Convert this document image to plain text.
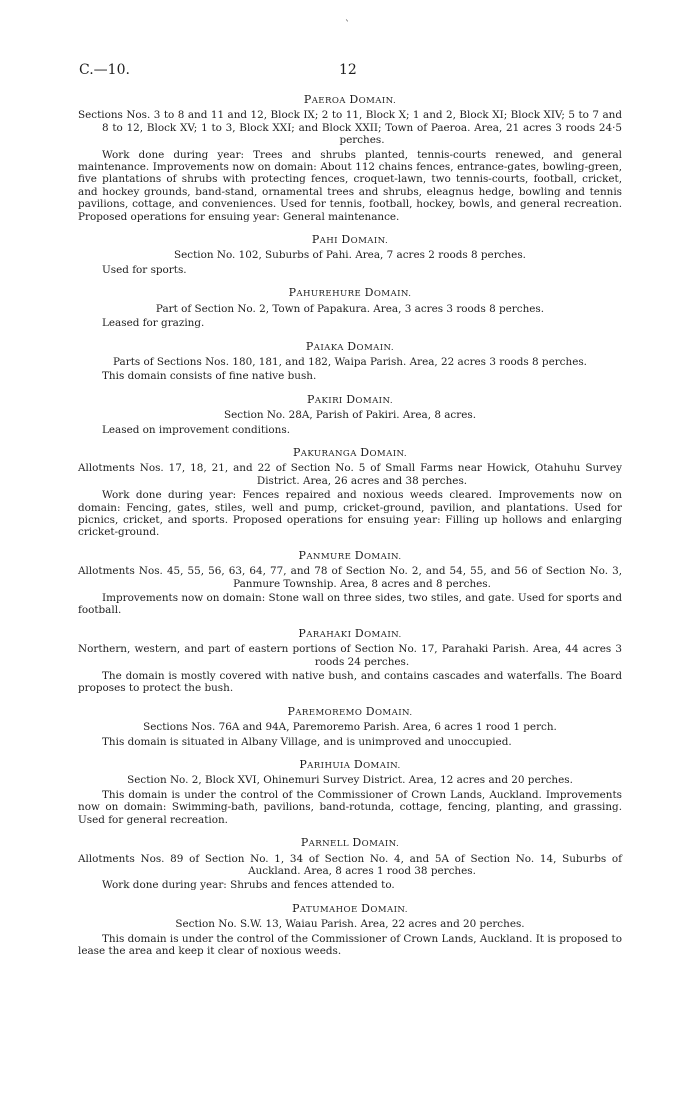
C.—10.	12
PAEROA DOMAIN.
Sections Nos. 3 to 8 and 11 and 12, Block IX; 2 to 11, Block X; 1 and 2, Block XI; Block XIV; 5 to 7 and 8 to 12, Block XV; 1 to 3, Block XXI; and Block XXII; Town of Paeroa. Area, 21 acres 3 roods 24·5 perches.
Work done during year: Trees and shrubs planted, tennis-courts renewed, and general maintenance. Improvements now on domain: About 112 chains fences, entrance-gates, bowling-green, five plantations of shrubs with protecting fences, croquet-lawn, two tennis-courts, football, cricket, and hockey grounds, band-stand, ornamental trees and shrubs, eleagnus hedge, bowling and tennis pavilions, cottage, and conveniences. Used for tennis, football, hockey, bowls, and general recreation. Proposed operations for ensuing year: General maintenance.
PAHI DOMAIN.
Section No. 102, Suburbs of Pahi. Area, 7 acres 2 roods 8 perches.
Used for sports.
PAHUREHURE DOMAIN.
Part of Section No. 2, Town of Papakura. Area, 3 acres 3 roods 8 perches.
Leased for grazing.
PAIAKA DOMAIN.
Parts of Sections Nos. 180, 181, and 182, Waipa Parish. Area, 22 acres 3 roods 8 perches.
This domain consists of fine native bush.
PAKIRI DOMAIN.
Section No. 28A, Parish of Pakiri. Area, 8 acres.
Leased on improvement conditions.
PAKURANGA DOMAIN.
Allotments Nos. 17, 18, 21, and 22 of Section No. 5 of Small Farms near Howick, Otahuhu Survey District. Area, 26 acres and 38 perches.
Work done during year: Fences repaired and noxious weeds cleared. Improvements now on domain: Fencing, gates, stiles, well and pump, cricket-ground, pavilion, and plantations. Used for picnics, cricket, and sports. Proposed operations for ensuing year: Filling up hollows and enlarging cricket-ground.
PANMURE DOMAIN.
Allotments Nos. 45, 55, 56, 63, 64, 77, and 78 of Section No. 2, and 54, 55, and 56 of Section No. 3, Panmure Township. Area, 8 acres and 8 perches.
Improvements now on domain: Stone wall on three sides, two stiles, and gate. Used for sports and football.
PARAHAKI DOMAIN.
Northern, western, and part of eastern portions of Section No. 17, Parahaki Parish. Area, 44 acres 3 roods 24 perches.
The domain is mostly covered with native bush, and contains cascades and waterfalls. The Board proposes to protect the bush.
PAREMOREMO DOMAIN.
Sections Nos. 76A and 94A, Paremoremo Parish. Area, 6 acres 1 rood 1 perch.
This domain is situated in Albany Village, and is unimproved and unoccupied.
PARIHUIA DOMAIN.
Section No. 2, Block XVI, Ohinemuri Survey District. Area, 12 acres and 20 perches.
This domain is under the control of the Commissioner of Crown Lands, Auckland. Improvements now on domain: Swimming-bath, pavilions, band-rotunda, cottage, fencing, planting, and grassing. Used for general recreation.
PARNELL DOMAIN.
Allotments Nos. 89 of Section No. 1, 34 of Section No. 4, and 5A of Section No. 14, Suburbs of Auckland. Area, 8 acres 1 rood 38 perches.
Work done during year: Shrubs and fences attended to.
PATUMAHOE DOMAIN.
Section No. S.W. 13, Waiau Parish. Area, 22 acres and 20 perches.
This domain is under the control of the Commissioner of Crown Lands, Auckland. It is proposed to lease the area and keep it clear of noxious weeds.
ˋ
